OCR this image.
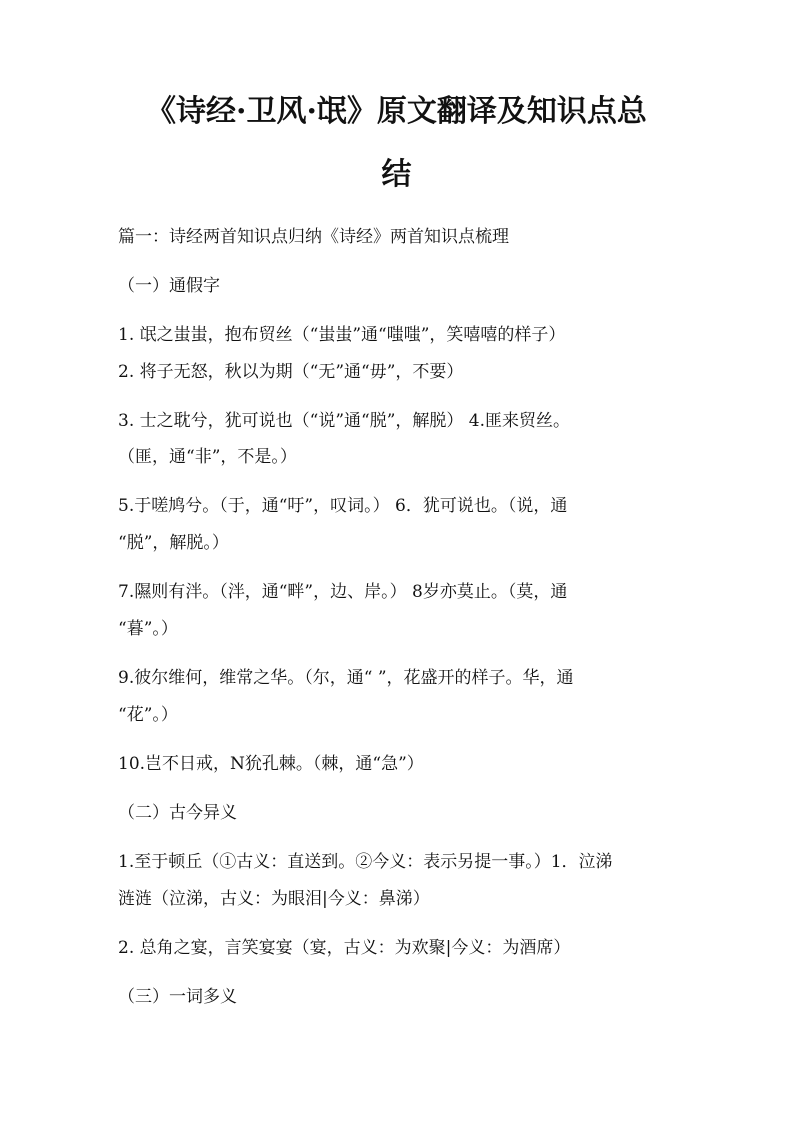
《诗经·卫风·氓》原文翻译及知识点总
结
篇一：诗经两首知识点归纳《诗经》两首知识点梳理
（一）通假字
1. 氓之蚩蚩，抱布贸丝（“蚩蚩”通“嗤嗤”，笑嘻嘻的样子）
2. 将子无怒，秋以为期（“无”通“毋”，不要）
3. 士之耽兮，犹可说也（“说”通“脱”，解脱） 4.匪来贸丝。
（匪，通“非”，不是。）
5.于嗟鸠兮。（于，通“吁”，叹词。） 6．犹可说也。（说，通
“脱”，解脱。）
7.隰则有泮。（泮，通“畔”，边、岸。） 8岁亦莫止。（莫，通
“暮”。）
9.彼尔维何，维常之华。（尔，通“ ”，花盛开的样子。华，通
“花”。）
10.岂不日戒，N狁孔棘。（棘，通“急”）
（二）古今异义
1.至于顿丘（①古义：直送到。②今义：表示另提一事。）1．泣涕
涟涟（泣涕，古义：为眼泪|今义：鼻涕）
2. 总角之宴，言笑宴宴（宴，古义：为欢聚|今义：为酒席）
（三）一词多义
